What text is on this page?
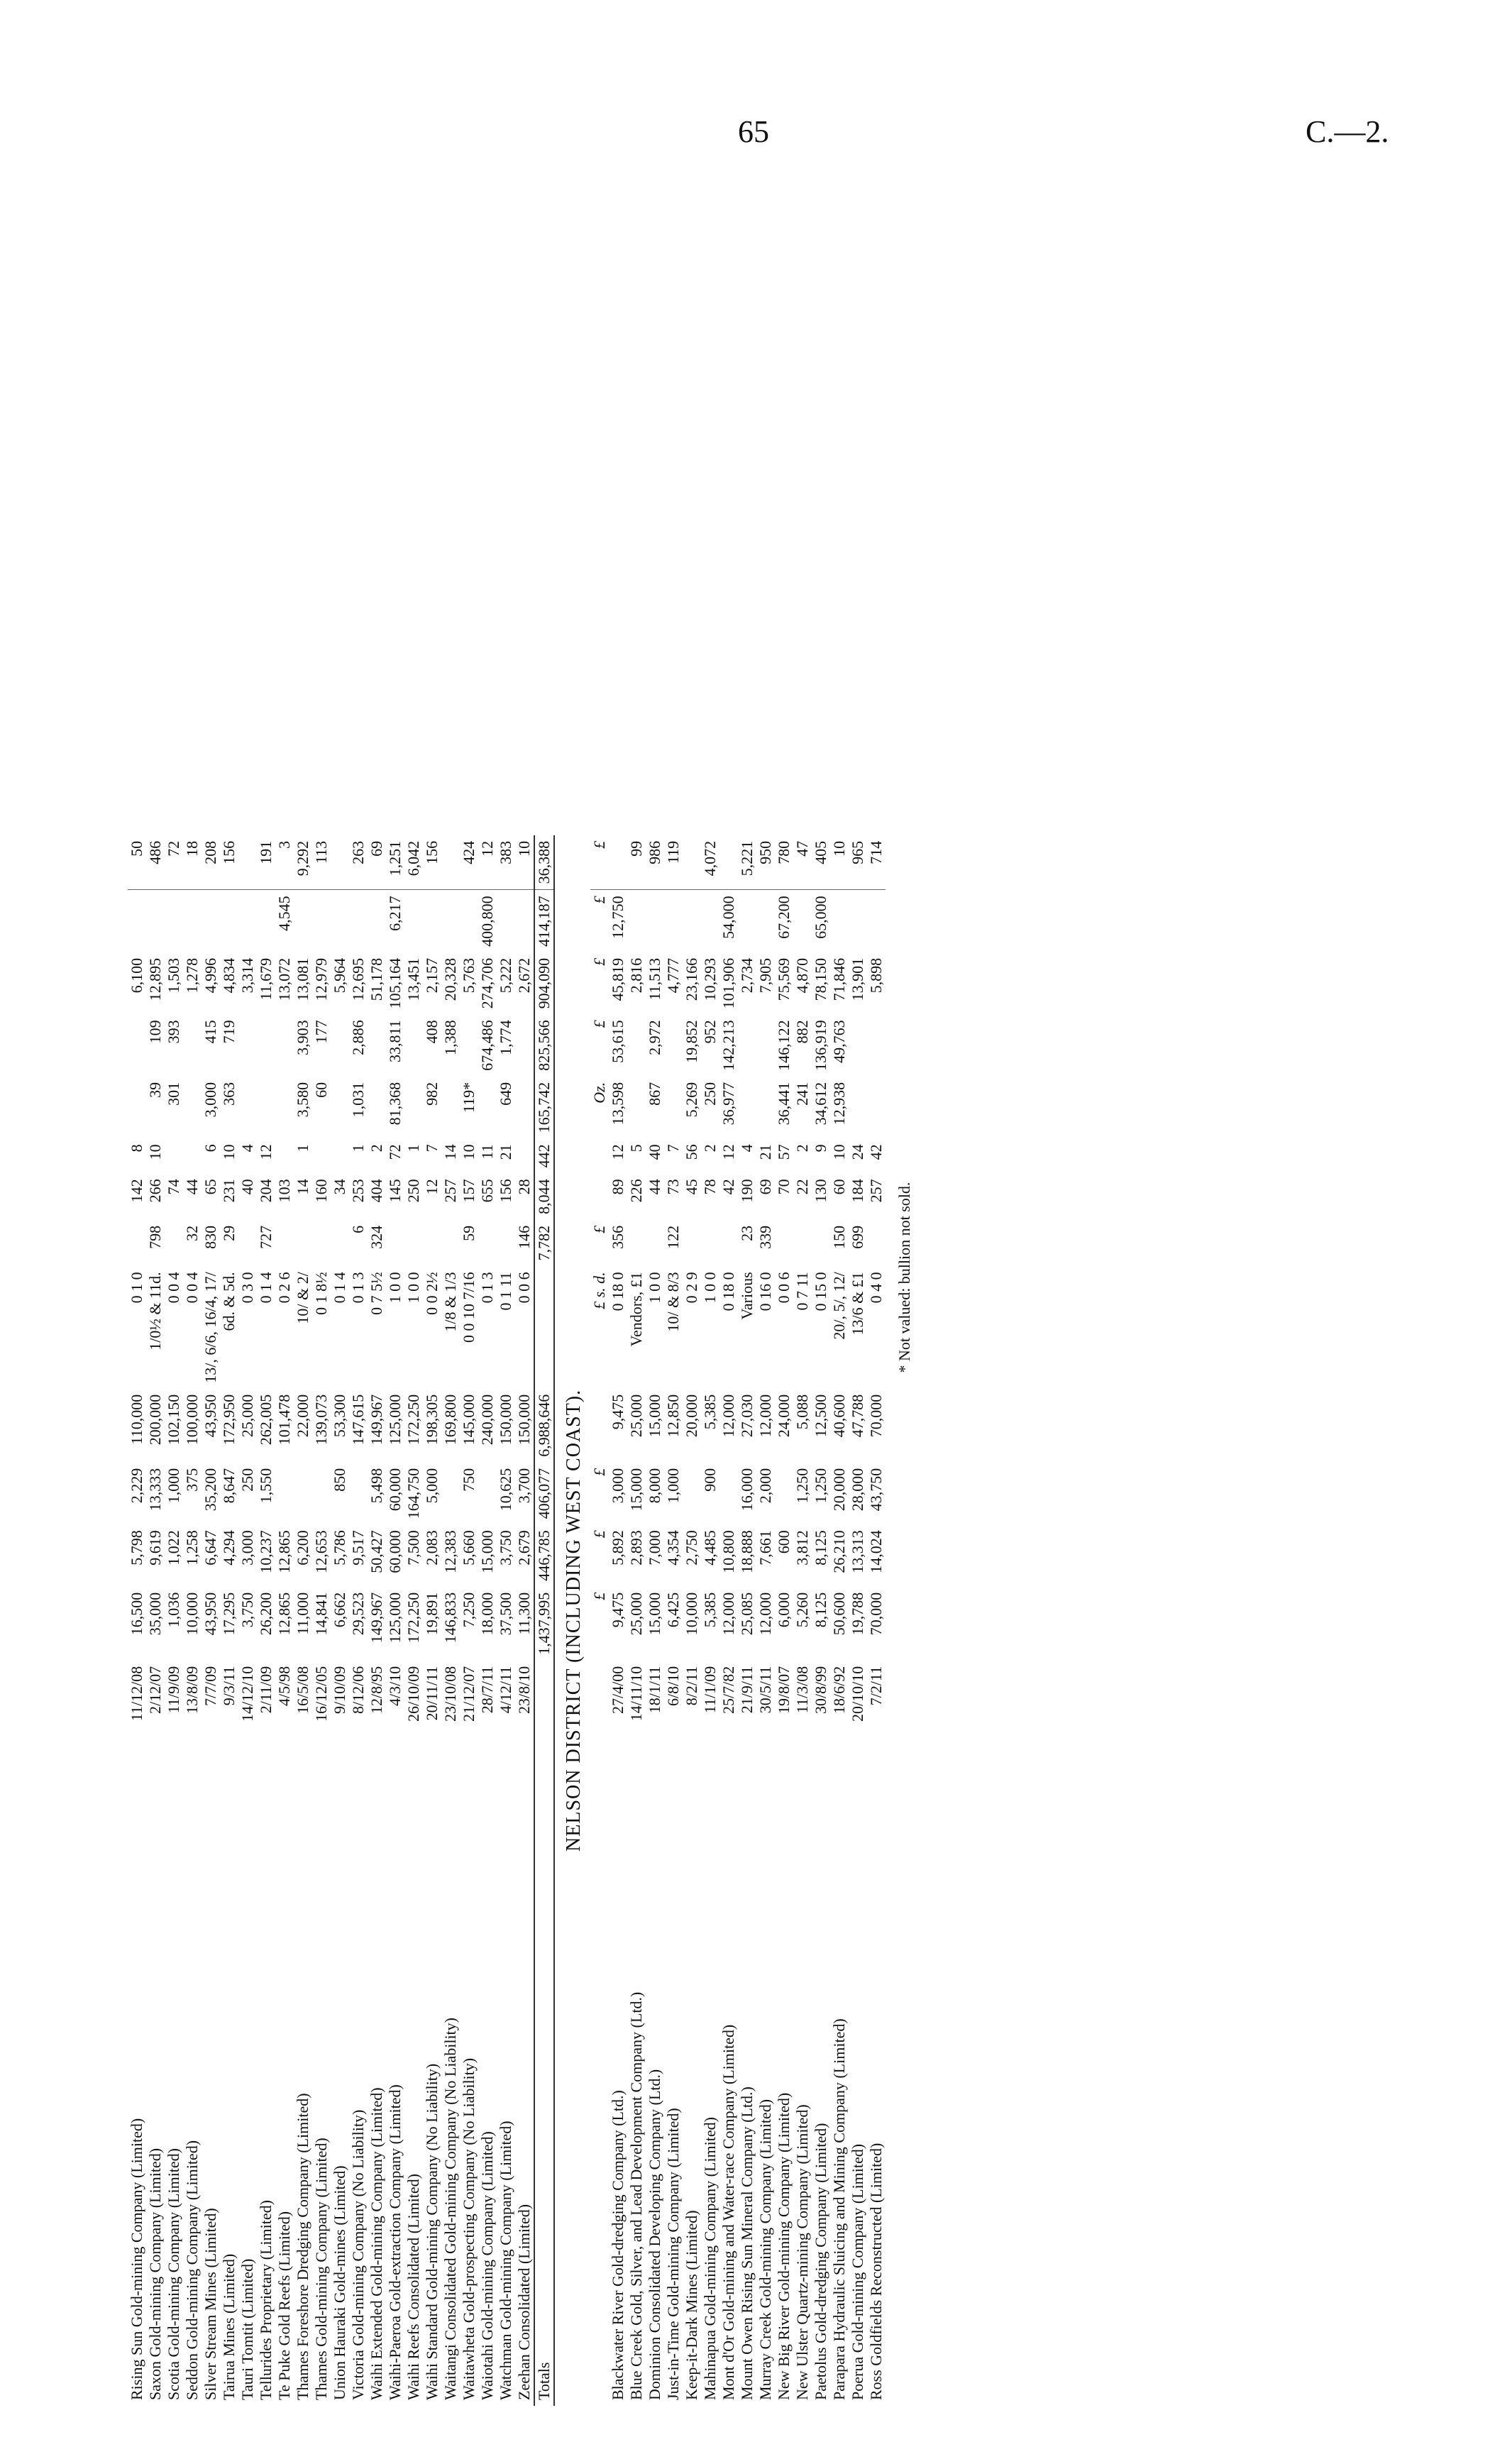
65	C.—2.
Rising Sun Gold-mining Company (Limited)	11/12/08	16,500	5,798	2,229	110,000	0 1 0		142	8			6,100		50
Saxon Gold-mining Company (Limited)	2/12/07	35,000	9,619	13,333	200,000	1/0½ & 11d.	798	266	10	39	109	12,895		486
Scotia Gold-mining Company (Limited)	11/9/09	1,036	1,022	1,000	102,150	0 0 4		74		301	393	1,503		72
Seddon Gold-mining Company (Limited)	13/8/09	10,000	1,258	375	100,000	0 0 4	32	44				1,278		18
Silver Stream Mines (Limited)	7/7/09	43,950	6,647	35,200	43,950	13/, 6/6, 16/4, 17/	830	65	6	3,000	415	4,996		208
Tairua Mines (Limited)	9/3/11	17,295	4,294	8,647	172,950	6d. & 5d.	29	231	10	363	719	4,834		156
Tauri Tomtit (Limited)	14/12/10	3,750	3,000	250	25,000	0 3 0		40	4			3,314		
Tellurides Proprietary (Limited)	2/11/09	26,200	10,237	1,550	262,005	0 1 4	727	204	12			11,679		191
Te Puke Gold Reefs (Limited)	4/5/98	12,865	12,865		101,478	0 2 6		103				13,072	4,545	3
Thames Foreshore Dredging Company (Limited)	16/5/08	11,000	6,200		22,000	10/ & 2/		14	1	3,580	3,903	13,081		9,292
Thames Gold-mining Company (Limited)	16/12/05	14,841	12,653		139,073	0 1 8½		160		60	177	12,979		113
Union Hauraki Gold-mines (Limited)	9/10/09	6,662	5,786	850	53,300	0 1 4		34				5,964		
Victoria Gold-mining Company (No Liability)	8/12/06	29,523	9,517		147,615	0 1 3	6	253	1	1,031	2,886	12,695		263
Waihi Extended Gold-mining Company (Limited)	12/8/95	149,967	50,427	5,498	149,967	0 7 5½	324	404	2			51,178		69
Waihi-Paeroa Gold-extraction Company (Limited)	4/3/10	125,000	60,000	60,000	125,000	1 0 0		145	72	81,368	33,811	105,164	6,217	1,251
Waihi Reefs Consolidated (Limited)	26/10/09	172,250	7,500	164,750	172,250	1 0 0		250	1			13,451		6,042
Waihi Standard Gold-mining Company (No Liability)	20/11/11	19,891	2,083	5,000	198,305	0 0 2½		12	7	982	408	2,157		156
Waitangi Consolidated Gold-mining Company (No Liability)	23/10/08	146,833	12,383		169,800	1/8 & 1/3		257	14		1,388	20,328		
Waitawheta Gold-prospecting Company (No Liability)	21/12/07	7,250	5,660	750	145,000	0 0 10 7/16	59	157	10	119*		5,763		424
Waiotahi Gold-mining Company (Limited)	28/7/11	18,000	15,000		240,000	0 1 3		655	11		674,486	274,706	400,800	12
Watchman Gold-mining Company (Limited)	4/12/11	37,500	3,750	10,625	150,000	0 1 11		156	21	649	1,774	5,222		383
Zeehan Consolidated (Limited)	23/8/10	11,300	2,679	3,700	150,000	0 0 6	146	28				2,672		10
Totals		1,437,995	446,785	406,077	6,988,646		7,782	8,044	442	165,742	825,566	904,090	414,187	36,388
NELSON DISTRICT (INCLUDING WEST COAST).														
		£	£	£		£ s. d.	£			Oz.	£	£	£	£
Blackwater River Gold-dredging Company (Ltd.)	27/4/00	9,475	5,892	3,000	9,475	0 18 0	356	89	12	13,598	53,615	45,819	12,750	
Blue Creek Gold, Silver, and Lead Development Company (Ltd.)	14/11/10	25,000	2,893	15,000	25,000	Vendors, £1		226	5			2,816		99
Dominion Consolidated Developing Company (Ltd.)	18/1/11	15,000	7,000	8,000	15,000	1 0 0		44	40	867	2,972	11,513		986
Just-in-Time Gold-mining Company (Limited)	6/8/10	6,425	4,354	1,000	12,850	10/ & 8/3	122	73	7			4,777		119
Keep-it-Dark Mines (Limited)	8/2/11	10,000	2,750		20,000	0 2 9		45	56	5,269	19,852	23,166		
Mahinapua Gold-mining Company (Limited)	11/1/09	5,385	4,485	900	5,385	1 0 0		78	2	250	952	10,293		4,072
Mont d'Or Gold-mining and Water-race Company (Limited)	25/7/82	12,000	10,800		12,000	0 18 0		42	12	36,977	142,213	101,906	54,000	
Mount Owen Rising Sun Mineral Company (Ltd.)	21/9/11	25,085	18,888	16,000	27,030	Various	23	190	4			2,734		5,221
Murray Creek Gold-mining Company (Limited)	30/5/11	12,000	7,661	2,000	12,000	0 16 0	339	69	21			7,905		950
New Big River Gold-mining Company (Limited)	19/8/07	6,000	600		24,000	0 0 6		70	57	36,441	146,122	75,569	67,200	780
New Ulster Quartz-mining Company (Limited)	11/3/08	5,260	3,812	1,250	5,088	0 7 11		22	2	241	882	4,870		47
Paetolus Gold-dredging Company (Limited)	30/8/99	8,125	8,125	1,250	12,500	0 15 0		130	9	34,612	136,919	78,150	65,000	405
Parapara Hydraulic Sluicing and Mining Company (Limited)	18/6/92	50,600	26,210	20,000	40,600	20/, 5/, 12/	150	60	10	12,938	49,763	71,846		10
Poerua Gold-mining Company (Limited)	20/10/10	19,788	13,313	28,000	47,788	13/6 & £1	699	184	24			13,901		965
Ross Goldfields Reconstructed (Limited)	7/2/11	70,000	14,024	43,750	70,000	0 4 0		257	42			5,898		714
* Not valued: bullion not sold.
